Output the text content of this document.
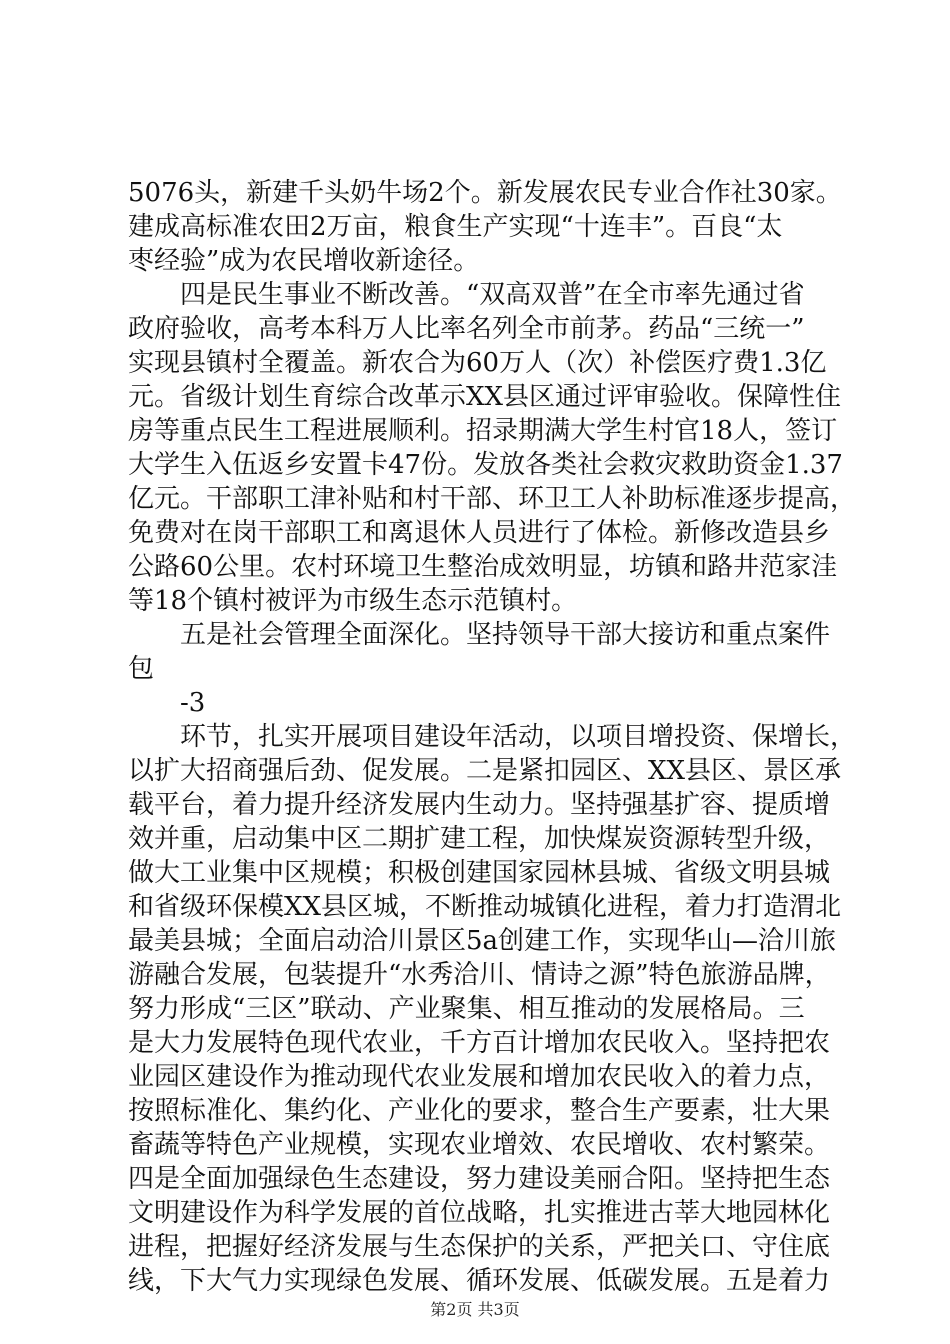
5076头，新建千头奶牛场2个。新发展农民专业合作社30家。
建成高标准农田2万亩，粮食生产实现“十连丰”。百良“太
枣经验”成为农民增收新途径。
四是民生事业不断改善。“双高双普”在全市率先通过省
政府验收，高考本科万人比率名列全市前茅。药品“三统一”
实现县镇村全覆盖。新农合为60万人（次）补偿医疗费1.3亿
元。省级计划生育综合改革示XX县区通过评审验收。保障性住
房等重点民生工程进展顺利。招录期满大学生村官18人，签订
大学生入伍返乡安置卡47份。发放各类社会救灾救助资金1.37
亿元。干部职工津补贴和村干部、环卫工人补助标准逐步提高，
免费对在岗干部职工和离退休人员进行了体检。新修改造县乡
公路60公里。农村环境卫生整治成效明显，坊镇和路井范家洼
等18个镇村被评为市级生态示范镇村。
五是社会管理全面深化。坚持领导干部大接访和重点案件
包
-3
环节，扎实开展项目建设年活动，以项目增投资、保增长，
以扩大招商强后劲、促发展。二是紧扣园区、XX县区、景区承
载平台，着力提升经济发展内生动力。坚持强基扩容、提质增
效并重，启动集中区二期扩建工程，加快煤炭资源转型升级，
做大工业集中区规模；积极创建国家园林县城、省级文明县城
和省级环保模XX县区城，不断推动城镇化进程，着力打造渭北
最美县城；全面启动洽川景区5a创建工作，实现华山—洽川旅
游融合发展，包装提升“水秀洽川、情诗之源”特色旅游品牌，
努力形成“三区”联动、产业聚集、相互推动的发展格局。三
是大力发展特色现代农业，千方百计增加农民收入。坚持把农
业园区建设作为推动现代农业发展和增加农民收入的着力点，
按照标准化、集约化、产业化的要求，整合生产要素，壮大果
畜蔬等特色产业规模，实现农业增效、农民增收、农村繁荣。
四是全面加强绿色生态建设，努力建设美丽合阳。坚持把生态
文明建设作为科学发展的首位战略，扎实推进古莘大地园林化
进程，把握好经济发展与生态保护的关系，严把关口、守住底
线，下大气力实现绿色发展、循环发展、低碳发展。五是着力
第2页 共3页
